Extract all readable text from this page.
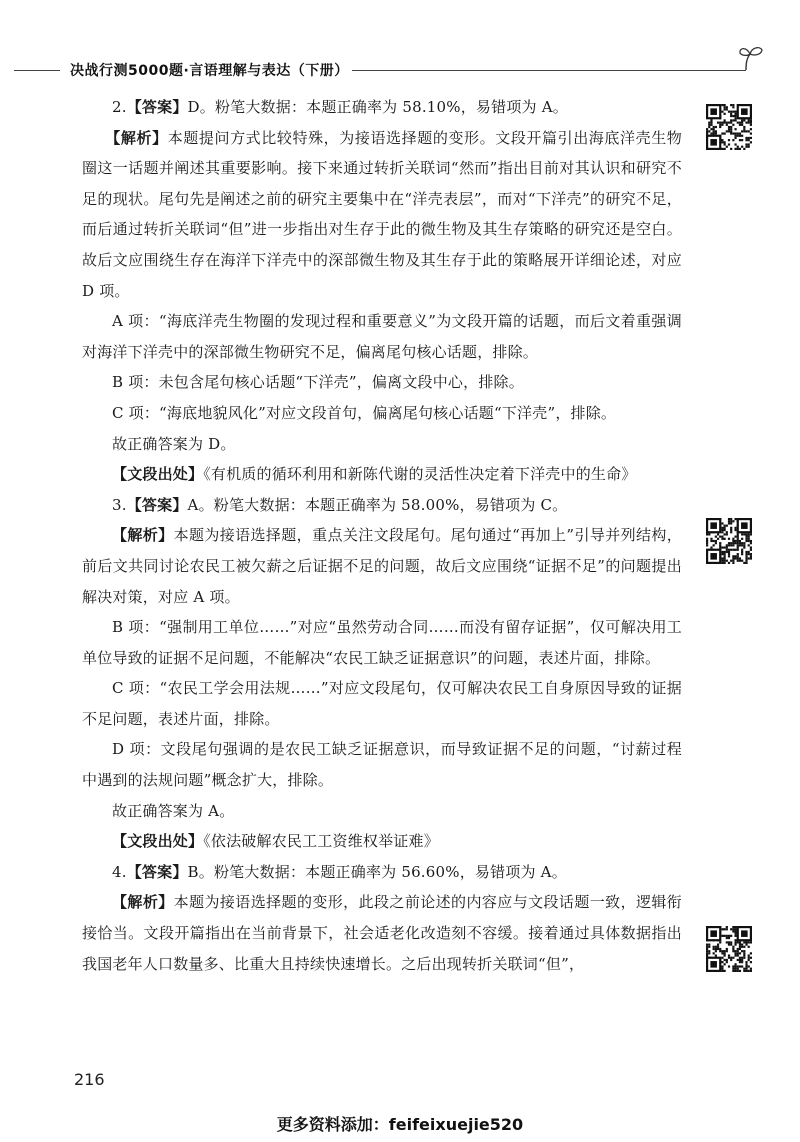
决战行测5000题·言语理解与表达（下册）

2.【答案】D。粉笔大数据：本题正确率为 58.10%，易错项为 A。

  【解析】本题提问方式比较特殊，为接语选择题的变形。文段开篇引出海底洋壳生物圈这一话题并阐述其重要影响。接下来通过转折关联词“然而”指出目前对其认识和研究不足的现状。尾句先是阐述之前的研究主要集中在“洋壳表层”，而对“下洋壳”的研究不足，而后通过转折关联词“但”进一步指出对生存于此的微生物及其生存策略的研究还是空白。故后文应围绕生存在海洋下洋壳中的深部微生物及其生存于此的策略展开详细论述，对应 D 项。

A 项：“海底洋壳生物圈的发现过程和重要意义”为文段开篇的话题，而后文着重强调对海洋下洋壳中的深部微生物研究不足，偏离尾句核心话题，排除。

B 项：未包含尾句核心话题“下洋壳”，偏离文段中心，排除。

C 项：“海底地貌风化”对应文段首句，偏离尾句核心话题“下洋壳”，排除。

故正确答案为 D。

【文段出处】《有机质的循环利用和新陈代谢的灵活性决定着下洋壳中的生命》

3.【答案】A。粉笔大数据：本题正确率为 58.00%，易错项为 C。

【解析】本题为接语选择题，重点关注文段尾句。尾句通过“再加上”引导并列结构，前后文共同讨论农民工被欠薪之后证据不足的问题，故后文应围绕“证据不足”的问题提出解决对策，对应 A 项。

B 项：“强制用工单位……”对应“虽然劳动合同……而没有留存证据”，仅可解决用工单位导致的证据不足问题，不能解决“农民工缺乏证据意识”的问题，表述片面，排除。

C 项：“农民工学会用法规……”对应文段尾句，仅可解决农民工自身原因导致的证据不足问题，表述片面，排除。

D 项：文段尾句强调的是农民工缺乏证据意识，而导致证据不足的问题，“讨薪过程中遇到的法规问题”概念扩大，排除。

故正确答案为 A。

【文段出处】《依法破解农民工工资维权举证难》

4.【答案】B。粉笔大数据：本题正确率为 56.60%，易错项为 A。

【解析】本题为接语选择题的变形，此段之前论述的内容应与文段话题一致，逻辑衔接恰当。文段开篇指出在当前背景下，社会适老化改造刻不容缓。接着通过具体数据指出我国老年人口数量多、比重大且持续快速增长。之后出现转折关联词“但”，

216
更多资料添加：feifeixuejie520
